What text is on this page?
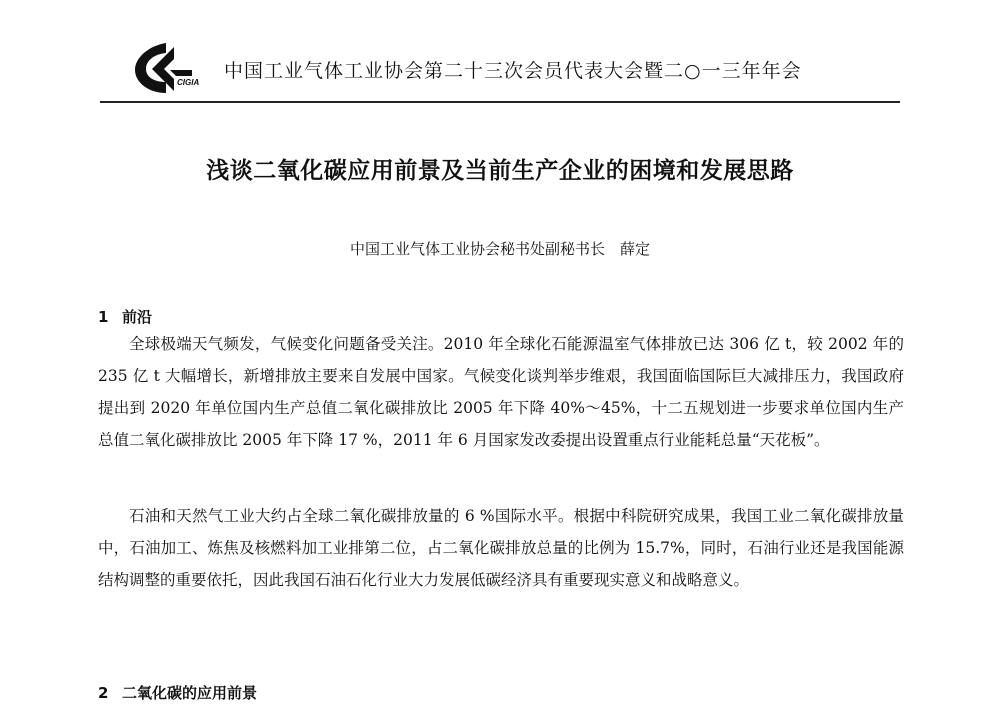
CIGIA
中国工业气体工业协会第二十三次会员代表大会暨二○一三年年会
浅谈二氧化碳应用前景及当前生产企业的困境和发展思路
中国工业气体工业协会秘书处副秘书长　薛定
1 前沿

全球极端天气频发，气候变化问题备受关注。2010 年全球化石能源温室气体排放已达 306 亿 t，较 2002 年的 235 亿 t 大幅增长，新增排放主要来自发展中国家。气候变化谈判举步维艰，我国面临国际巨大减排压力，我国政府提出到 2020 年单位国内生产总值二氧化碳排放比 2005 年下降 40%～45%，十二五规划进一步要求单位国内生产总值二氧化碳排放比 2005 年下降 17 %，2011 年 6 月国家发改委提出设置重点行业能耗总量“天花板”。

石油和天然气工业大约占全球二氧化碳排放量的 6 %国际水平。根据中科院研究成果，我国工业二氧化碳排放量中，石油加工、炼焦及核燃料加工业排第二位，占二氧化碳排放总量的比例为 15.7%，同时，石油行业还是我国能源结构调整的重要依托，因此我国石油石化行业大力发展低碳经济具有重要现实意义和战略意义。

2 二氧化碳的应用前景
